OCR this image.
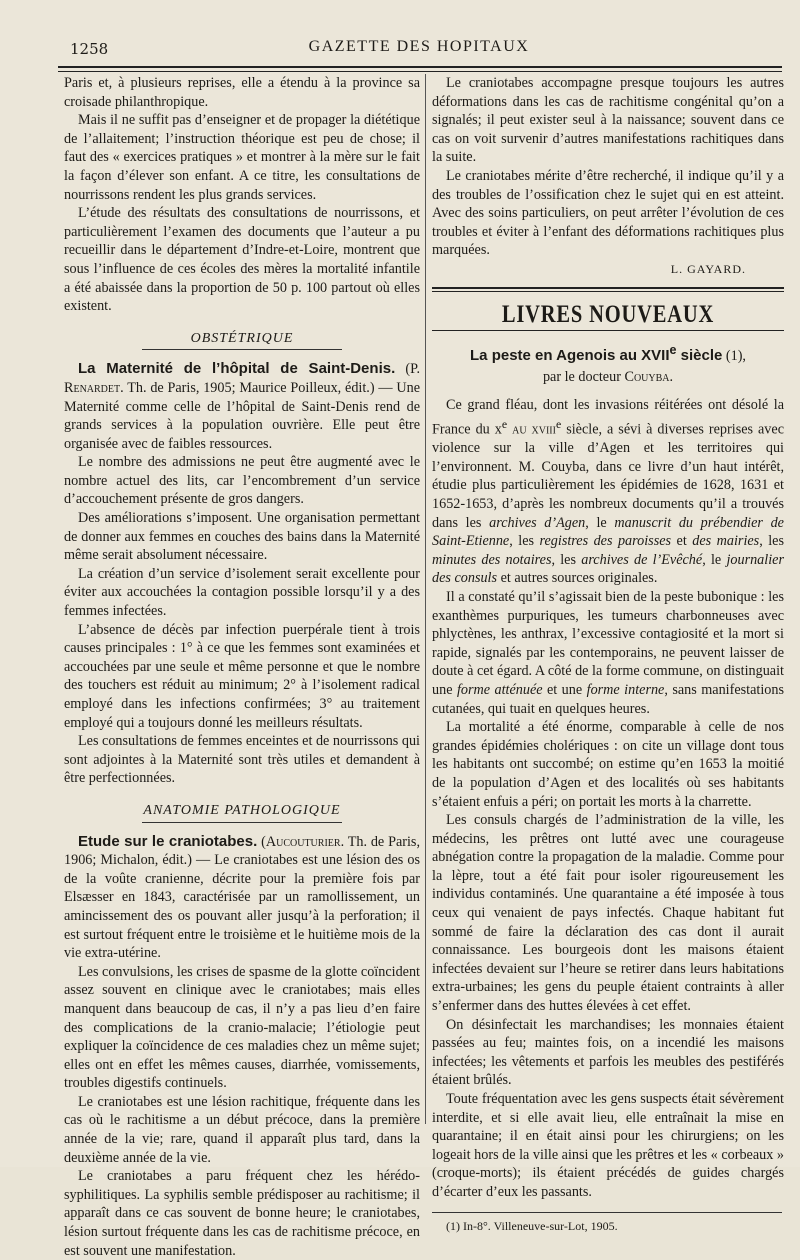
1258	GAZETTE DES HOPITAUX

Paris et, à plusieurs reprises, elle a étendu à la province sa croisade philanthropique.

Mais il ne suffit pas d’enseigner et de propager la diététique de l’allaitement; l’instruction théorique est peu de chose; il faut des « exercices pratiques » et montrer à la mère sur le fait la façon d’élever son enfant. A ce titre, les consultations de nourrissons rendent les plus grands services.

L’étude des résultats des consultations de nourrissons, et particulièrement l’examen des documents que l’auteur a pu recueillir dans le département d’Indre-et-Loire, montrent que sous l’influence de ces écoles des mères la mortalité infantile a été abaissée dans la proportion de 50 p. 100 partout où elles existent.

OBSTÉTRIQUE

La Maternité de l’hôpital de Saint-Denis. (P. Renardet. Th. de Paris, 1905; Maurice Poilleux, édit.) — Une Maternité comme celle de l’hôpital de Saint-Denis rend de grands services à la population ouvrière. Elle peut être organisée avec de faibles ressources.

Le nombre des admissions ne peut être augmenté avec le nombre actuel des lits, car l’encombrement d’un service d’accouchement présente de gros dangers.

Des améliorations s’imposent. Une organisation permettant de donner aux femmes en couches des bains dans la Maternité même serait absolument nécessaire.

La création d’un service d’isolement serait excellente pour éviter aux accouchées la contagion possible lorsqu’il y a des femmes infectées.

L’absence de décès par infection puerpérale tient à trois causes principales : 1° à ce que les femmes sont examinées et accouchées par une seule et même personne et que le nombre des touchers est réduit au minimum; 2° à l’isolement radical employé dans les infections confirmées; 3° au traitement employé qui a toujours donné les meilleurs résultats.

Les consultations de femmes enceintes et de nourrissons qui sont adjointes à la Maternité sont très utiles et demandent à être perfectionnées.

ANATOMIE PATHOLOGIQUE

Etude sur le craniotabes. (Aucouturier. Th. de Paris, 1906; Michalon, édit.) — Le craniotabes est une lésion des os de la voûte cranienne, décrite pour la première fois par Elsæsser en 1843, caractérisée par un ramollissement, un amincissement des os pouvant aller jusqu’à la perforation; il est surtout fréquent entre le troisième et le huitième mois de la vie extra-utérine.

Les convulsions, les crises de spasme de la glotte coïncident assez souvent en clinique avec le craniotabes; mais elles manquent dans beaucoup de cas, il n’y a pas lieu d’en faire des complications de la cranio-malacie; l’étiologie peut expliquer la coïncidence de ces maladies chez un même sujet; elles ont en effet les mêmes causes, diarrhée, vomissements, troubles digestifs continuels.

Le craniotabes est une lésion rachitique, fréquente dans les cas où le rachitisme a un début précoce, dans la première année de la vie; rare, quand il apparaît plus tard, dans la deuxième année de la vie.

Le craniotabes a paru fréquent chez les hérédo-syphilitiques. La syphilis semble prédisposer au rachitisme; il apparaît dans ce cas souvent de bonne heure; le craniotabes, lésion surtout fréquente dans les cas de rachitisme précoce, en est souvent une manifestation.

Le craniotabes accompagne presque toujours les autres déformations dans les cas de rachitisme congénital qu’on a signalés; il peut exister seul à la naissance; souvent dans ce cas on voit survenir d’autres manifestations rachitiques dans la suite.

Le craniotabes mérite d’être recherché, il indique qu’il y a des troubles de l’ossification chez le sujet qui en est atteint. Avec des soins particuliers, on peut arrêter l’évolution de ces troubles et éviter à l’enfant des déformations rachitiques plus marquées.

L. GAYARD.
LIVRES NOUVEAUX
La peste en Agenois au XVIIe siècle (1),
par le docteur Couyba.

Ce grand fléau, dont les invasions réitérées ont désolé la France du $x^e$ au xviii$^e$ siècle, a sévi à diverses reprises avec violence sur la ville d’Agen et les territoires qui l’environnent. M. Couyba, dans ce livre d’un haut intérêt, étudie plus particulièrement les épidémies de 1628, 1631 et 1652-1653, d’après les nombreux documents qu’il a trouvés dans les archives d’Agen, le manuscrit du prébendier de Saint-Etienne, les registres des paroisses et des mairies, les minutes des notaires, les archives de l’Evêché, le journalier des consuls et autres sources originales.

Il a constaté qu’il s’agissait bien de la peste bubonique : les exanthèmes purpuriques, les tumeurs charbonneuses avec phlyctènes, les anthrax, l’excessive contagiosité et la mort si rapide, signalés par les contemporains, ne peuvent laisser de doute à cet égard. A côté de la forme commune, on distinguait une forme atténuée et une forme interne, sans manifestations cutanées, qui tuait en quelques heures.

La mortalité a été énorme, comparable à celle de nos grandes épidémies cholériques : on cite un village dont tous les habitants ont succombé; on estime qu’en 1653 la moitié de la population d’Agen et des localités où ses habitants s’étaient enfuis a péri; on portait les morts à la charrette.

Les consuls chargés de l’administration de la ville, les médecins, les prêtres ont lutté avec une courageuse abnégation contre la propagation de la maladie. Comme pour la lèpre, tout a été fait pour isoler rigoureusement les individus contaminés. Une quarantaine a été imposée à tous ceux qui venaient de pays infectés. Chaque habitant fut sommé de faire la déclaration des cas dont il aurait connaissance. Les bourgeois dont les maisons étaient infectées devaient sur l’heure se retirer dans leurs habitations extra-urbaines; les gens du peuple étaient contraints à aller s’enfermer dans des huttes élevées à cet effet.

On désinfectait les marchandises; les monnaies étaient passées au feu; maintes fois, on a incendié les maisons infectées; les vêtements et parfois les meubles des pestiférés étaient brûlés.

Toute fréquentation avec les gens suspects était sévèrement interdite, et si elle avait lieu, elle entraînait la mise en quarantaine; il en était ainsi pour les chirurgiens; on les logeait hors de la ville ainsi que les prêtres et les « corbeaux » (croque-morts); ils étaient précédés de guides chargés d’écarter d’eux les passants.

(1) In-8°. Villeneuve-sur-Lot, 1905.
